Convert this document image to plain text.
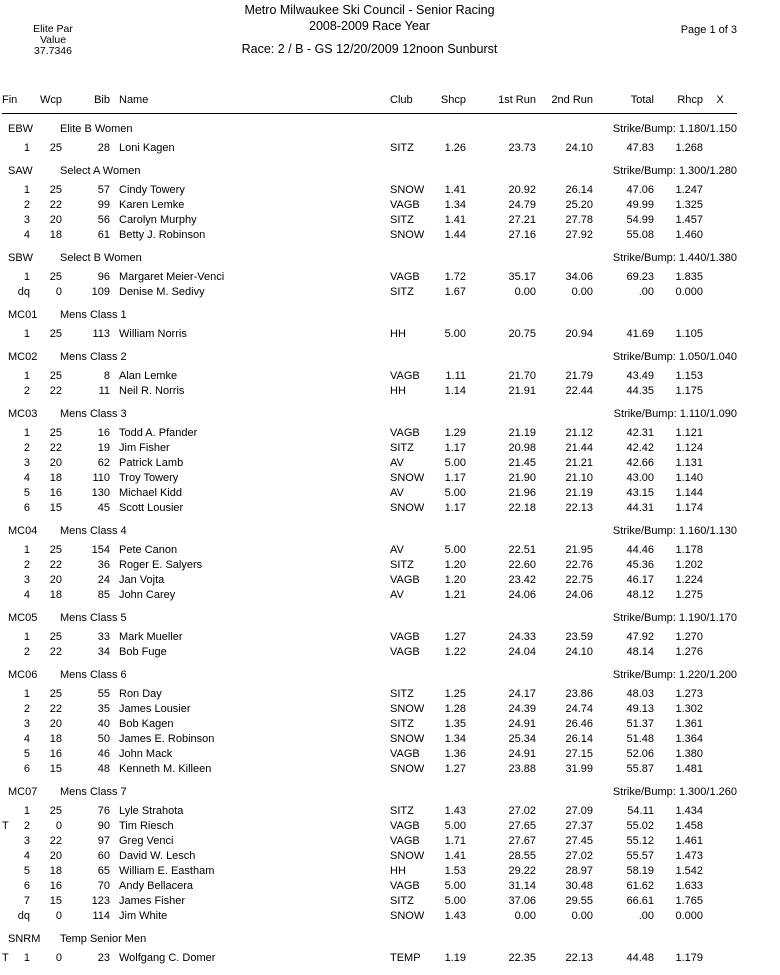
Elite Par
Value
37.7346
Page 1 of 3
Metro Milwaukee Ski Council - Senior Racing
2008-2009 Race Year
Race: 2 / B - GS 12/20/2009 12noon Sunburst
Fin	Wcp	Bib Name	Club	Shcp	1st Run	2nd Run	Total	Rhcp	X
EBW	Elite B Women	Strike/Bump: 1.180/1.150
1	25	28 Loni Kagen	SITZ	1.26	23.73	24.10	47.83	1.268
SAW	Select A Women	Strike/Bump: 1.300/1.280
1	25	57 Cindy Towery	SNOW	1.41	20.92	26.14	47.06	1.247
2	22	99 Karen Lemke	VAGB	1.34	24.79	25.20	49.99	1.325
3	20	56 Carolyn Murphy	SITZ	1.41	27.21	27.78	54.99	1.457
4	18	61 Betty J. Robinson	SNOW	1.44	27.16	27.92	55.08	1.460
SBW	Select B Women	Strike/Bump: 1.440/1.380
1	25	96 Margaret Meier-Venci	VAGB	1.72	35.17	34.06	69.23	1.835
dq	0	109 Denise M. Sedivy	SITZ	1.67	0.00	0.00	.00	0.000
MC01	Mens Class 1
1	25	113 William Norris	HH	5.00	20.75	20.94	41.69	1.105
MC02	Mens Class 2	Strike/Bump: 1.050/1.040
1	25	8 Alan Lemke	VAGB	1.11	21.70	21.79	43.49	1.153
2	22	11 Neil R. Norris	HH	1.14	21.91	22.44	44.35	1.175
MC03	Mens Class 3	Strike/Bump: 1.110/1.090
1	25	16 Todd A. Pfander	VAGB	1.29	21.19	21.12	42.31	1.121
2	22	19 Jim Fisher	SITZ	1.17	20.98	21.44	42.42	1.124
3	20	62 Patrick Lamb	AV	5.00	21.45	21.21	42.66	1.131
4	18	110 Troy Towery	SNOW	1.17	21.90	21.10	43.00	1.140
5	16	130 Michael Kidd	AV	5.00	21.96	21.19	43.15	1.144
6	15	45 Scott Lousier	SNOW	1.17	22.18	22.13	44.31	1.174
MC04	Mens Class 4	Strike/Bump: 1.160/1.130
1	25	154 Pete Canon	AV	5.00	22.51	21.95	44.46	1.178
2	22	36 Roger E. Salyers	SITZ	1.20	22.60	22.76	45.36	1.202
3	20	24 Jan Vojta	VAGB	1.20	23.42	22.75	46.17	1.224
4	18	85 John Carey	AV	1.21	24.06	24.06	48.12	1.275
MC05	Mens Class 5	Strike/Bump: 1.190/1.170
1	25	33 Mark Mueller	VAGB	1.27	24.33	23.59	47.92	1.270
2	22	34 Bob Fuge	VAGB	1.22	24.04	24.10	48.14	1.276
MC06	Mens Class 6	Strike/Bump: 1.220/1.200
1	25	55 Ron Day	SITZ	1.25	24.17	23.86	48.03	1.273
2	22	35 James Lousier	SNOW	1.28	24.39	24.74	49.13	1.302
3	20	40 Bob Kagen	SITZ	1.35	24.91	26.46	51.37	1.361
4	18	50 James E. Robinson	SNOW	1.34	25.34	26.14	51.48	1.364
5	16	46 John Mack	VAGB	1.36	24.91	27.15	52.06	1.380
6	15	48 Kenneth M. Killeen	SNOW	1.27	23.88	31.99	55.87	1.481
MC07	Mens Class 7	Strike/Bump: 1.300/1.260
1	25	76 Lyle Strahota	SITZ	1.43	27.02	27.09	54.11	1.434
T	2	0	90 Tim Riesch	VAGB	5.00	27.65	27.37	55.02	1.458
3	22	97 Greg Venci	VAGB	1.71	27.67	27.45	55.12	1.461
4	20	60 David W. Lesch	SNOW	1.41	28.55	27.02	55.57	1.473
5	18	65 William E. Eastham	HH	1.53	29.22	28.97	58.19	1.542
6	16	70 Andy Bellacera	VAGB	5.00	31.14	30.48	61.62	1.633
7	15	123 James Fisher	SITZ	5.00	37.06	29.55	66.61	1.765
dq	0	114 Jim White	SNOW	1.43	0.00	0.00	.00	0.000
SNRM	Temp Senior Men
T	1	0	23 Wolfgang C. Domer	TEMP	1.19	22.35	22.13	44.48	1.179
